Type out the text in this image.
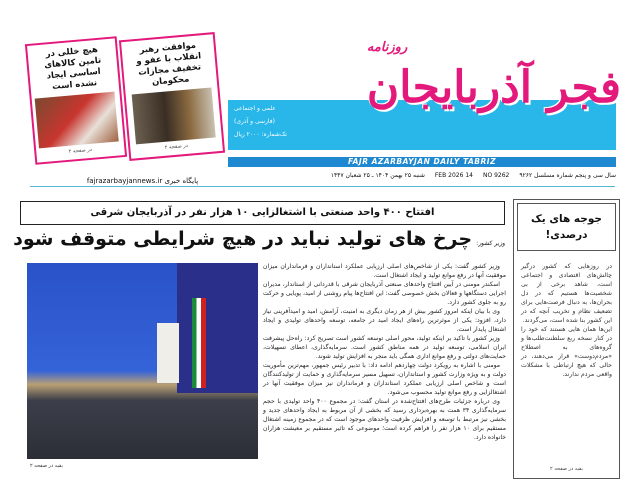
علمی و اجتماعی
(فارسی و آذری)
تک‌شماره: ۲۰۰۰ ریال
روزنامه
فجر آذربایجان
FAJR AZARBAYJAN DAILY TABRIZ
سال سی و پنجم شماره مسلسل ۹۲۶۲
NO 9262
14 FEB 2026
شنبه ۲۵ بهمن ۱۴۰۴ ـ ۲۵ شعبان ۱۴۴۷
پایگاه خبری fajrazarbayjannews.ir
هیچ خللی در تامین کالاهای اساسی ایجاد نشده است
در صفحه ۲
موافقت رهبر انقلاب با عفو و تخفیف مجازات محکومان
در صفحه ۲
افتتاح ۴۰۰ واحد صنعتی با اشتغالزایی ۱۰ هزار نفر در آذربایجان شرقی
وزیر کشور:چرخ های تولید نباید در هیچ شرایطی متوقف شود
بقیه در صفحه ۲

وزیر کشور گفت: یکی از شاخص‌های اصلی ارزیابی عملکرد استانداران و فرمانداران میزان موفقیت آنها در رفع موانع تولید و ایجاد اشتغال است.

اسکندر مومنی در آیین افتتاح واحدهای صنعتی آذربایجان شرقی با قدردانی از استاندار، مدیران اجرایی دستگاهها و فعالان بخش خصوصی گفت: این افتتاح‌ها پیام روشنی از امید، پویایی و حرکت رو به جلوی کشور دارد.

وی با بیان اینکه امروز کشور بیش از هر زمان دیگری به امنیت، آرامش، امید و امیدآفرینی نیاز دارد، افزود: یکی از موثرترین راه‌های ایجاد امید در جامعه، توسعه واحدهای تولیدی و ایجاد اشتغال پایدار است.

وزیر کشور با تاکید بر اینکه تولید، محور اصلی توسعه کشور است تصریح کرد: راه‌حل پیشرفت ایران اسلامی، توسعه تولید در همه مناطق کشور است. سرمایه‌گذاری، اعطای تسهیلات، حمایت‌های دولتی و رفع موانع اداری همگی باید منجر به افزایش تولید شوند.

مومنی با اشاره به رویکرد دولت چهاردهم ادامه داد: با تدبیر رئیس جمهور، مهم‌ترین مأموریت دولت و به ویژه وزارت کشور و استانداران، تسهیل مسیر سرمایه‌گذاری و حمایت از تولیدکنندگان است و شاخص اصلی ارزیابی عملکرد استانداران و فرمانداران نیز میزان موفقیت آنها در اشتغالزایی و رفع موانع تولید محسوب می‌شود.

وی درباره جزئیات طرح‌های افتتاح‌شده در استان گفت: در مجموع ۴۰۰ واحد تولیدی با حجم سرمایه‌گذاری ۳۴ همت به بهره‌برداری رسید که بخشی از آن مربوط به ایجاد واحدهای جدید و بخشی نیز مرتبط با توسعه و افزایش ظرفیت واحدهای موجود است که در مجموع زمینه اشتغال مستقیم برای ۱۰ هزار نفر را فراهم کرده است؛ موضوعی که تاثیر مستقیم بر معیشت هزاران خانواده دارد.

جوجه های یک درصدی!

در روزهایی که کشور درگیر چالش‌های اقتصادی و اجتماعی است، شاهد برخی از بی‌ شخصیت‌ها هستیم که در دل بحران‌ها، به دنبال فرصت‌هایی برای تضعیف نظام و تخریب آنچه که در این کشور بنا شده است، می‌گردند.

این‌ها همان هایی هستند که خود را در کنار نسخه ربع سلطنت‌طلب‌ها و گروه‌های به اصطلاح «مردم‌دوست» قرار می‌دهند، در حالی که هیچ ارتباطی با مشکلات واقعی مردم ندارند.

بقیه در صفحه ۲
